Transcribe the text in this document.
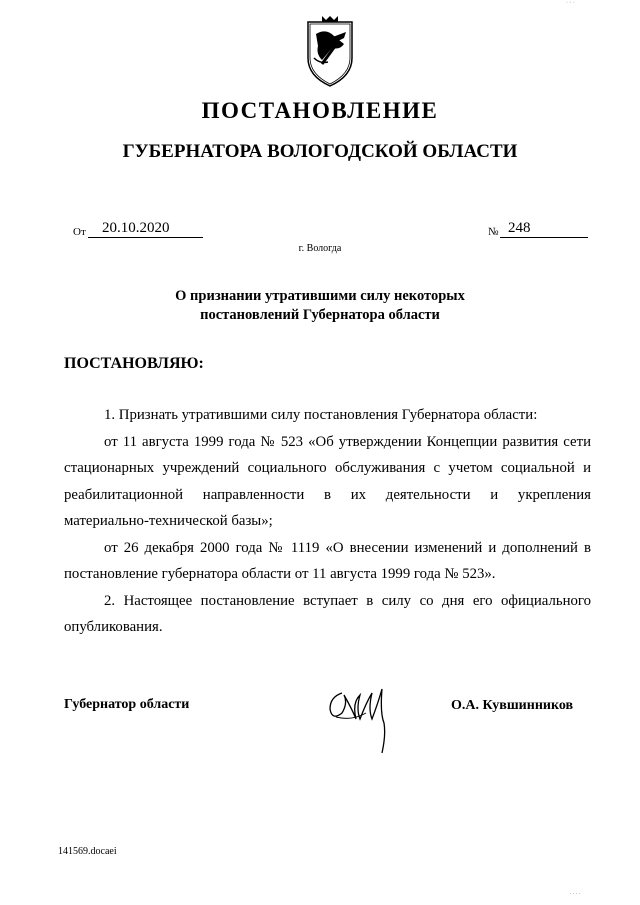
ПОСТАНОВЛЕНИЕ
ГУБЕРНАТОРА ВОЛОГОДСКОЙ ОБЛАСТИ
От	20.10.2020	№ 248
г. Вологда
О признании утратившими силу некоторых
постановлений Губернатора области
ПОСТАНОВЛЯЮ:

1. Признать утратившими силу постановления Губернатора области:

от 11 августа 1999 года № 523 «Об утверждении Концепции развития сети стационарных учреждений социального обслуживания с учетом социальной и реабилитационной направленности в их деятельности и укрепления

материально-технической базы»;

от 26 декабря 2000 года № 1119 «О внесении изменений и дополнений в постановление губернатора области от 11 августа 1999 года № 523».

2. Настоящее постановление вступает в силу со дня его официального опубликования.

Губернатор области	О.А. Кувшинников
141569.docaei
· · ·
. . . .
